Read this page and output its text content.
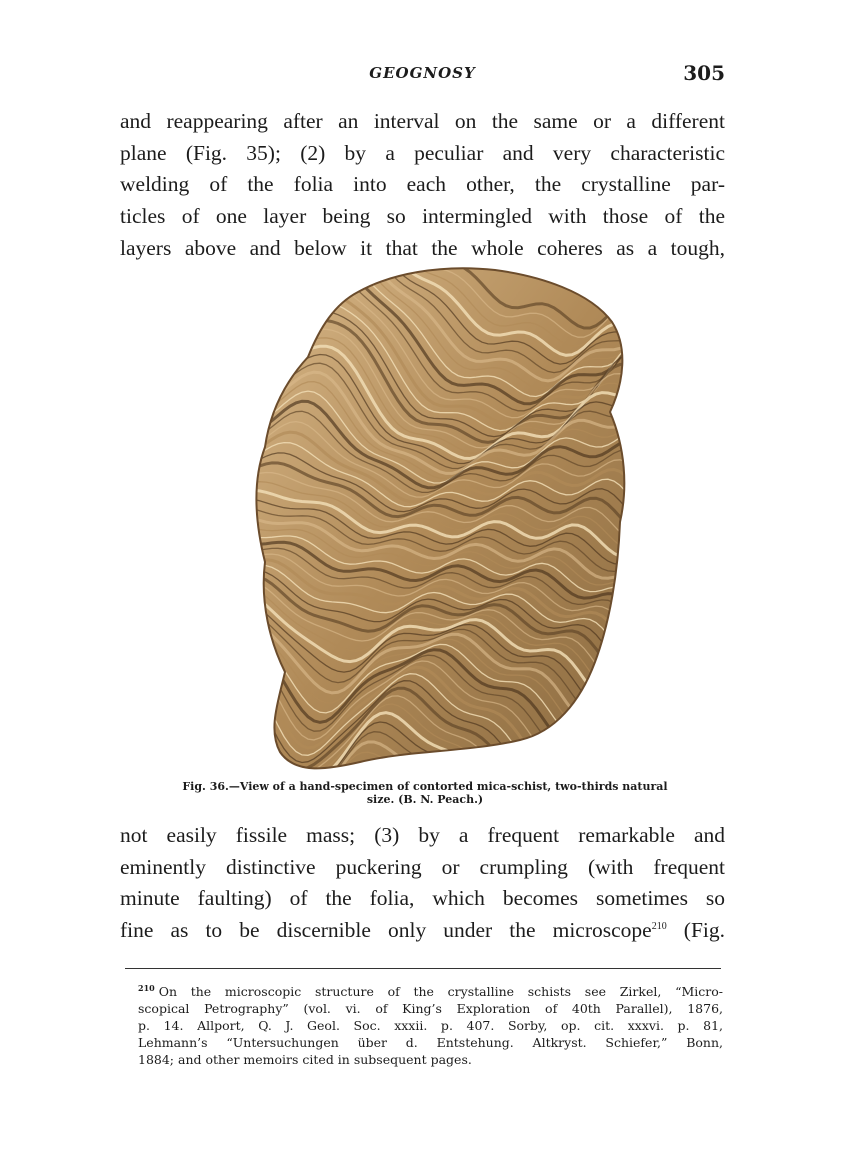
GEOGNOSY	305
and reappearing after an interval on the same or a different
plane (Fig. 35); (2) by a peculiar and very characteristic
welding of the folia into each other, the crystalline par-
ticles of one layer being so intermingled with those of the
layers above and below it that the whole coheres as a tough,
Fig. 36.—View of a hand-specimen of contorted mica-schist, two-thirds natural
size. (B. N. Peach.)
not easily fissile mass; (3) by a frequent remarkable and
eminently distinctive puckering or crumpling (with frequent
minute faulting) of the folia, which becomes sometimes so
fine as to be discernible only under the microscope$^{210}$ (Fig.
$^{210}$ On the microscopic structure of the crystalline schists see Zirkel, “Micro-
scopical Petrography” (vol. vi. of King’s Exploration of 40th Parallel), 1876,
p. 14. Allport, Q. J. Geol. Soc. xxxii. p. 407. Sorby, op. cit. xxxvi. p. 81,
Lehmann’s “Untersuchungen über d. Entstehung. Altkryst. Schiefer,” Bonn,
1884; and other memoirs cited in subsequent pages.
